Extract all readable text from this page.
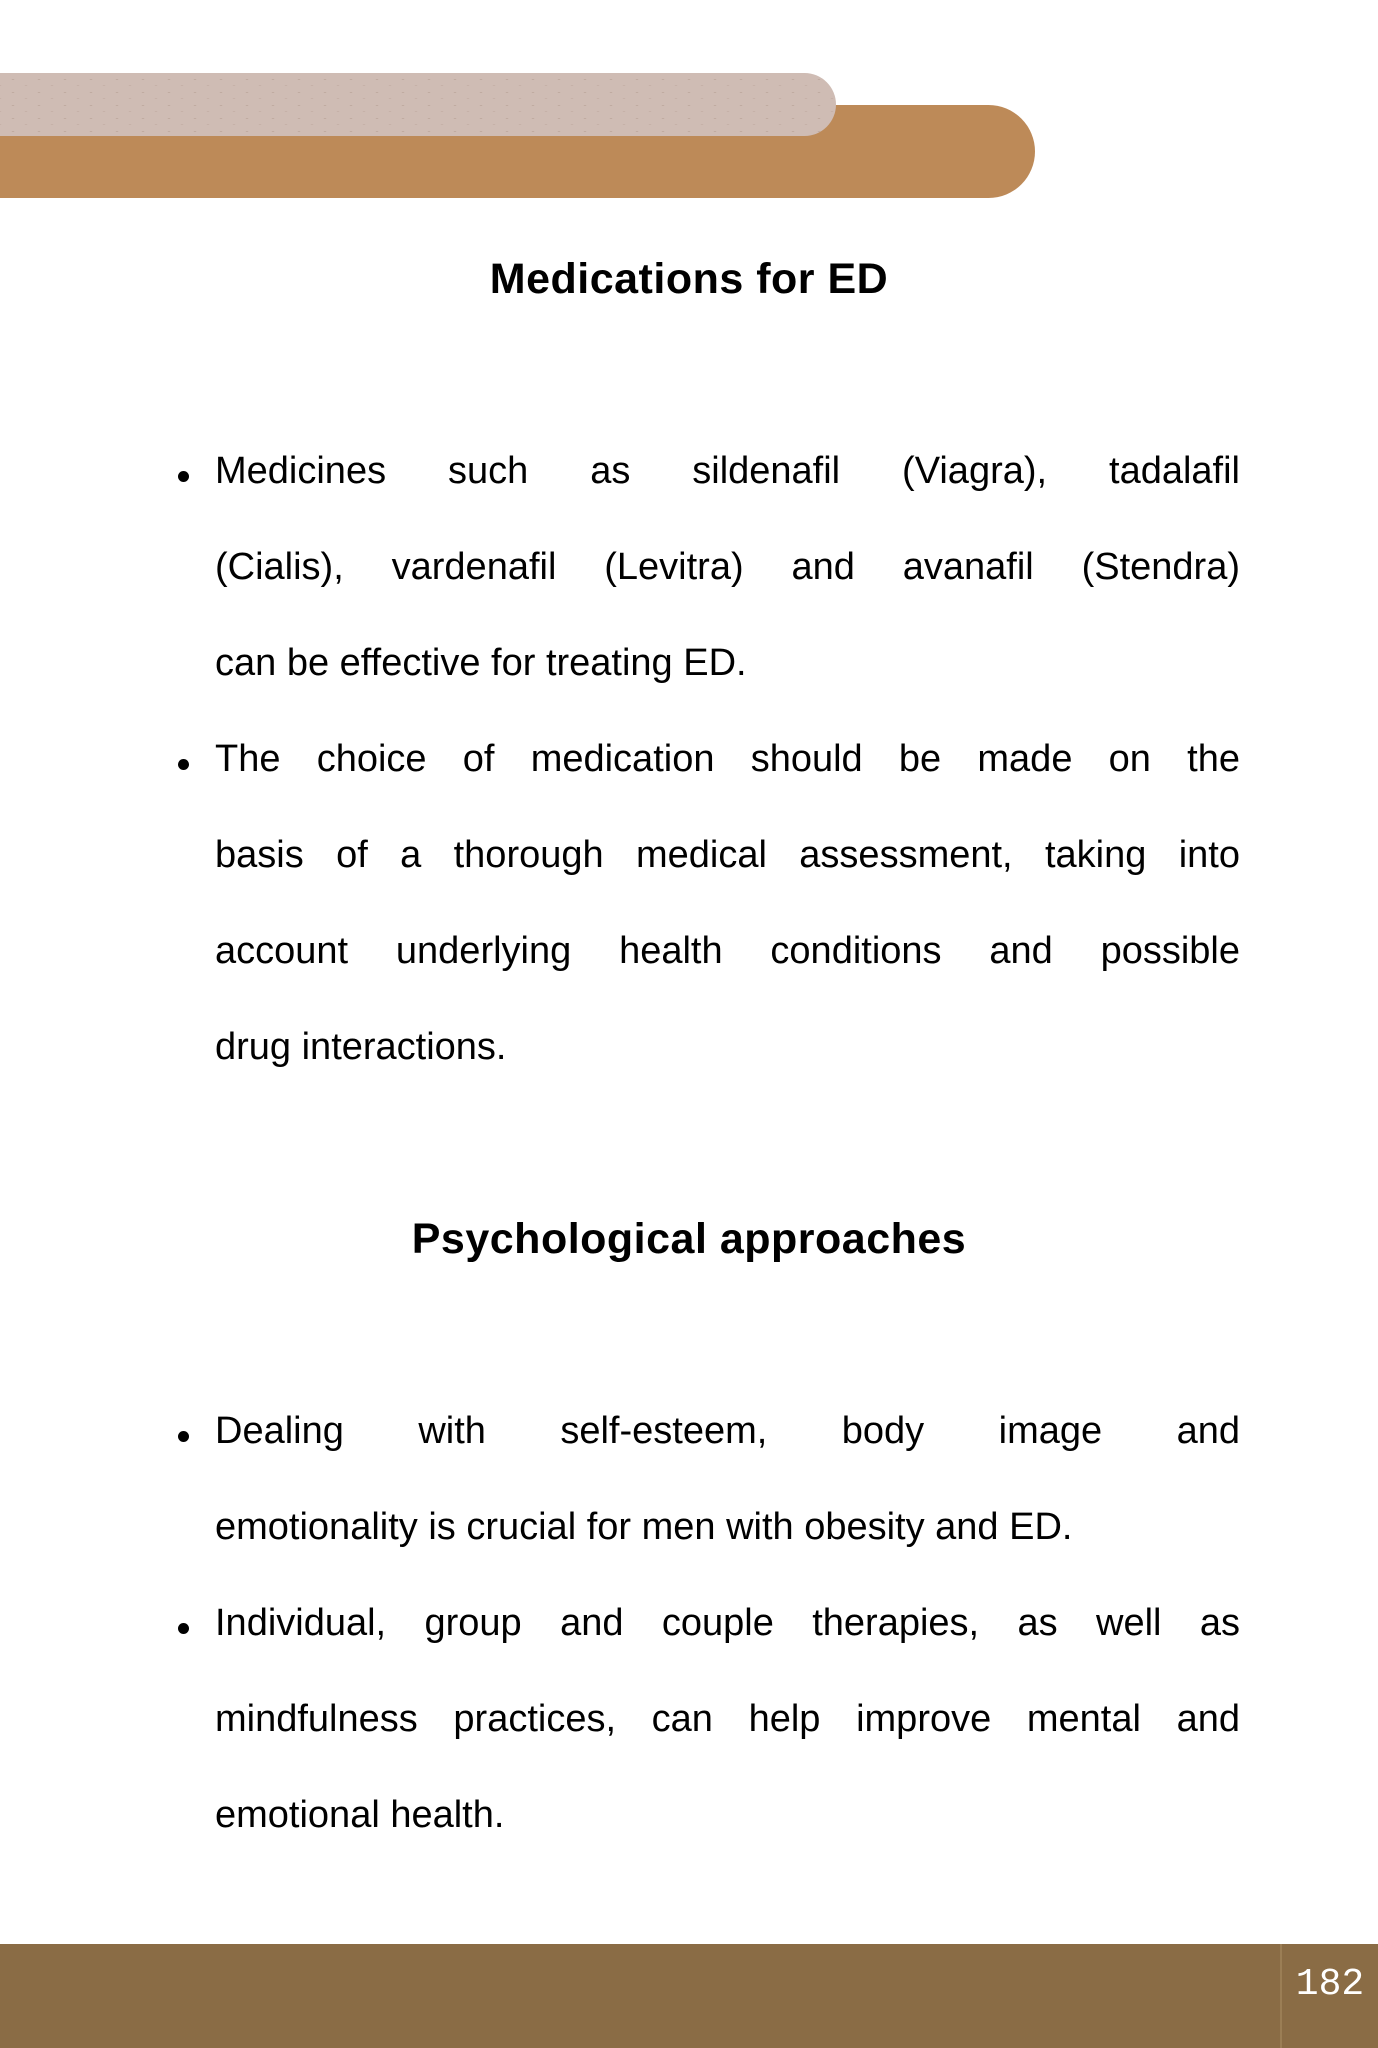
Medications for ED
Medicines such as sildenafil (Viagra), tadalafil
(Cialis), vardenafil (Levitra) and avanafil (Stendra)
can be effective for treating ED.
The choice of medication should be made on the
basis of a thorough medical assessment, taking into
account underlying health conditions and possible
drug interactions.
Psychological approaches
Dealing with self-esteem, body image and
emotionality is crucial for men with obesity and ED.
Individual, group and couple therapies, as well as
mindfulness practices, can help improve mental and
emotional health.
182
